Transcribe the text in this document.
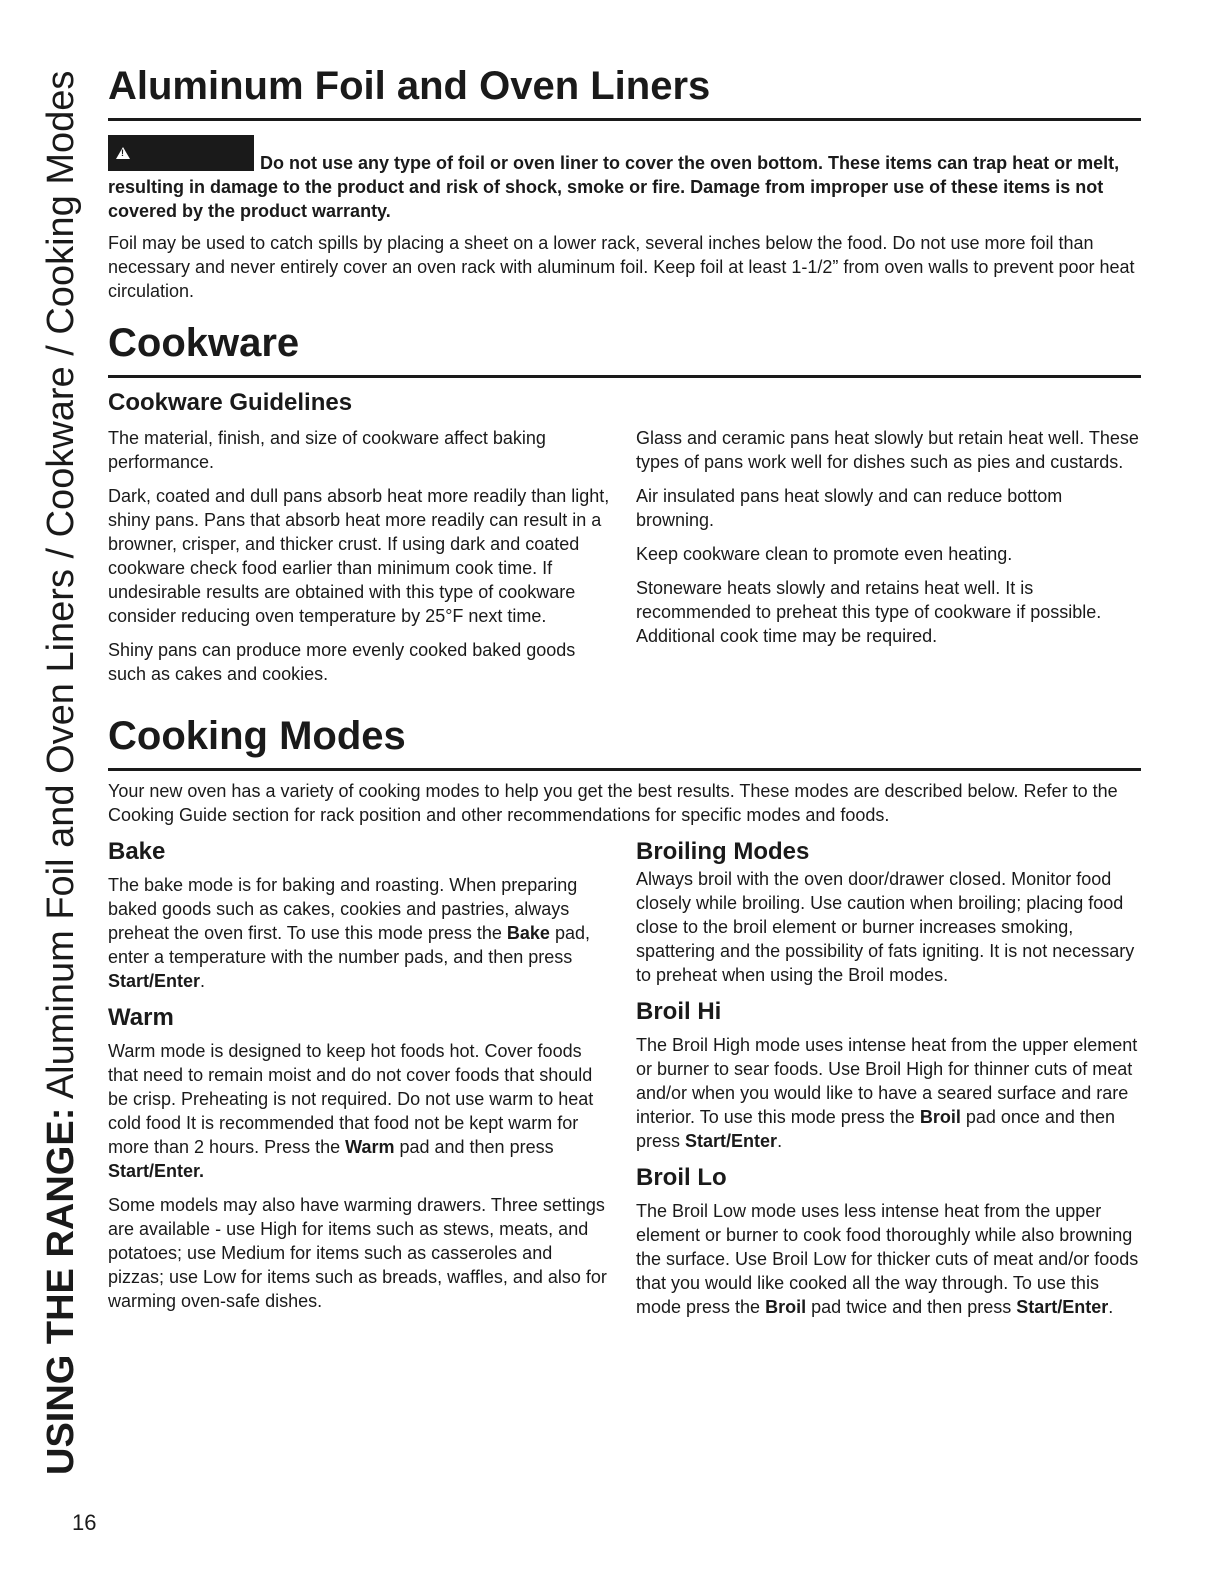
USING THE RANGE: Aluminum Foil and Oven Liners / Cookware / Cooking Modes
16
Aluminum Foil and Oven Liners
!
Do not use any type of foil or oven liner to cover the oven bottom. These items can trap heat or melt, resulting in damage to the product and risk of shock, smoke or fire. Damage from improper use of these items is not covered by the product warranty.

Foil may be used to catch spills by placing a sheet on a lower rack, several inches below the food. Do not use more foil than necessary and never entirely cover an oven rack with aluminum foil. Keep foil at least 1-1/2” from oven walls to prevent poor heat circulation.

Cookware
Cookware Guidelines

The material, finish, and size of cookware affect baking performance.

Dark, coated and dull pans absorb heat more readily than light, shiny pans. Pans that absorb heat more readily can result in a browner, crisper, and thicker crust. If using dark and coated cookware check food earlier than minimum cook time. If undesirable results are obtained with this type of cookware consider reducing oven temperature by 25°F next time.

Shiny pans can produce more evenly cooked baked goods such as cakes and cookies.

Glass and ceramic pans heat slowly but retain heat well. These types of pans work well for dishes such as pies and custards.

Air insulated pans heat slowly and can reduce bottom browning.

Keep cookware clean to promote even heating.

Stoneware heats slowly and retains heat well. It is recommended to preheat this type of cookware if possible. Additional cook time may be required.

Cooking Modes

Your new oven has a variety of cooking modes to help you get the best results. These modes are described below. Refer to the Cooking Guide section for rack position and other recommendations for specific modes and foods.

Bake

The bake mode is for baking and roasting. When preparing baked goods such as cakes, cookies and pastries, always preheat the oven first. To use this mode press the Bake pad, enter a temperature with the number pads, and then press Start/Enter.

Warm

Warm mode is designed to keep hot foods hot. Cover foods that need to remain moist and do not cover foods that should be crisp. Preheating is not required. Do not use warm to heat cold food It is recommended that food not be kept warm for more than 2 hours. Press the Warm pad and then press Start/Enter.

Some models may also have warming drawers. Three settings are available - use High for items such as stews, meats, and potatoes; use Medium for items such as casseroles and pizzas; use Low for items such as breads, waffles, and also for warming oven-safe dishes.

Broiling Modes

Always broil with the oven door/drawer closed. Monitor food closely while broiling. Use caution when broiling; placing food close to the broil element or burner increases smoking, spattering and the possibility of fats igniting. It is not necessary to preheat when using the Broil modes.

Broil Hi

The Broil High mode uses intense heat from the upper element or burner to sear foods. Use Broil High for thinner cuts of meat and/or when you would like to have a seared surface and rare interior. To use this mode press the Broil pad once and then press Start/Enter.

Broil Lo

The Broil Low mode uses less intense heat from the upper element or burner to cook food thoroughly while also browning the surface. Use Broil Low for thicker cuts of meat and/or foods that you would like cooked all the way through. To use this mode press the Broil pad twice and then press Start/Enter.
